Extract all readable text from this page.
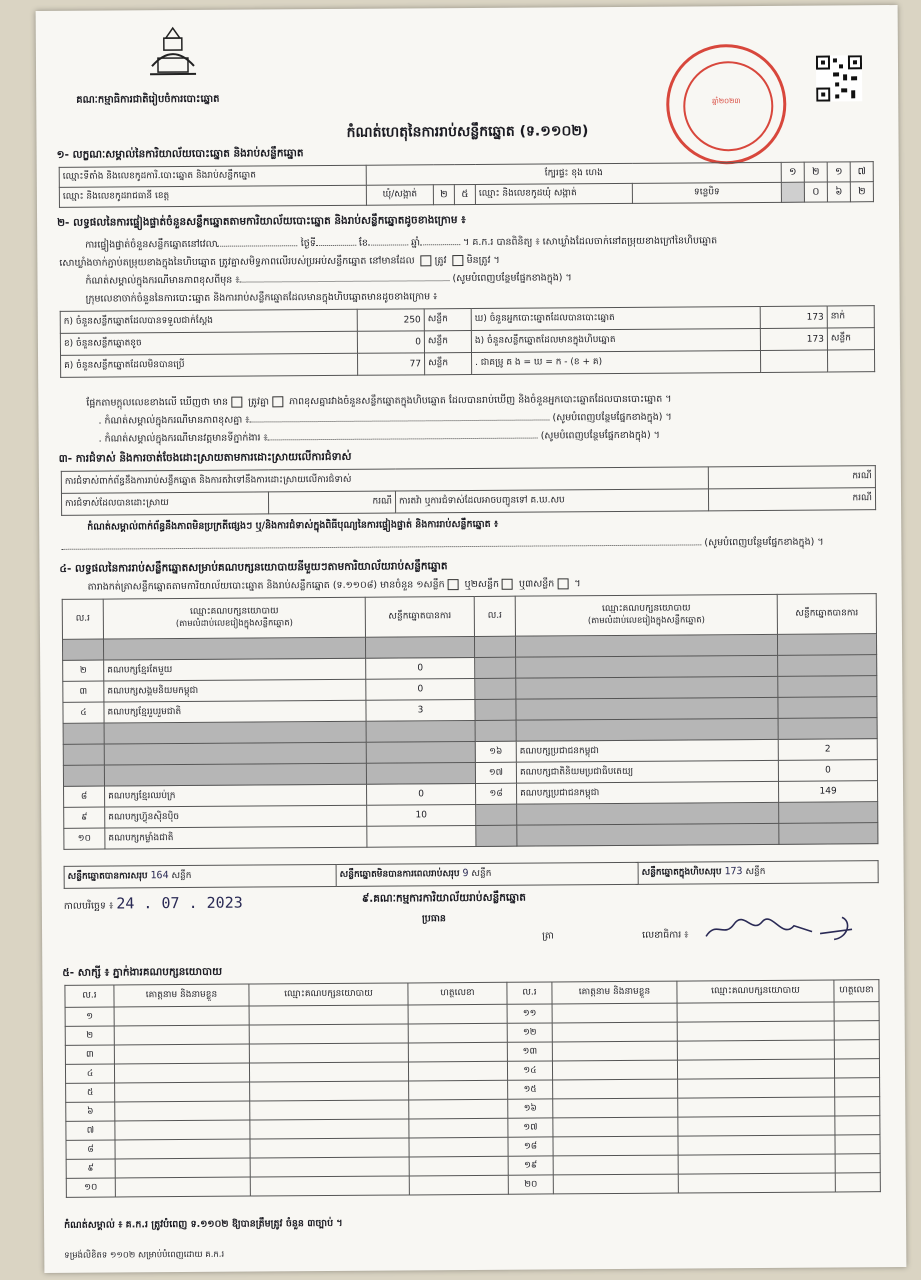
គណៈកម្មាធិការជាតិរៀបចំការបោះឆ្នោត	ឆ្នាំ២០២៣
កំណត់ហេតុនៃការរាប់សន្លឹកឆ្នោត (ទ.១១០២)
១- លក្ខណៈសម្គាល់នៃការិយាល័យបោះឆ្នោត និងរាប់សន្លឹកឆ្នោត
ឈ្មោះទីតាំង និងលេខកូដការិ.បោះឆ្នោត និងរាប់សន្លឹកឆ្នោត	ក្បែរផ្ទះ ខុង ហេង					១	២	១	៧
ឈ្មោះ និងលេខកូដរាជធានី ខេត្ត	ឃុំ/សង្កាត់	២	៥	ឈ្មោះ និងលេខកូដឃុំ សង្កាត់	ទន្លេបិទ		០	៦	២
២- លទ្ធផលនៃការផ្ទៀងផ្ទាត់ចំនួនសន្លឹកឆ្នោតតាមការិយាល័យបោះឆ្នោត និងរាប់សន្លឹកឆ្នោតដូចខាងក្រោម ៖
ការផ្ទៀងផ្ទាត់ចំនួនសន្លឹកឆ្នោតនៅវេលា	ថ្ងៃទី	ខែ	ឆ្នាំ	។ គ.ក.រ បានពិនិត្យ ៖ សោឃ្លាំងដែលចាក់នៅតម្រុយខាងក្រៅនៃហិបឆ្នោត
សោឃ្លាំងចាក់ភ្ជាប់តម្រុយខាងក្នុងនៃហិបឆ្នោត ត្រូវគ្នាសមិទ្ធភាពលើរបស់ប្រអប់សន្លឹកឆ្នោត នៅមានដែល ត្រូវ មិនត្រូវ ។
កំណត់សម្គាល់ក្នុងករណីមានភាពខុសពីមុន ៖	(សូមបំពេញបន្ថែមផ្នែកខាងក្នុង) ។
ក្រុមលេខាចាក់ចំនួននៃការបោះឆ្នោត និងការរាប់សន្លឹកឆ្នោតដែលមានក្នុងហិបឆ្នោតមានដូចខាងក្រោម ៖
ក) ចំនួនសន្លឹកឆ្នោតដែលបានទទួលជាក់ស្តែង	250	សន្លឹក	ឃ) ចំនួនអ្នកបោះឆ្នោតដែលបានបោះឆ្នោត	173	នាក់
ខ) ចំនួនសន្លឹកឆ្នោតខូច	0	សន្លឹក	ង) ចំនួនសន្លឹកឆ្នោតដែលមានក្នុងហិបឆ្នោត	173	សន្លឹក
គ) ចំនួនសន្លឹកឆ្នោតដែលមិនបានប្រើ	77	សន្លឹក	. ជាគម្រូ គ ង = ឃ = ក - (ខ + គ)		
ផ្អែកតាមក្តុលលេខខាងលើ ឃើញថា មាន ត្រូវគ្នា ភាពខុសគ្នារវាងចំនួនសន្លឹកឆ្នោតក្នុងហិបឆ្នោត ដែលបានរាប់ឃើញ និងចំនួនអ្នកបោះឆ្នោតដែលបានបោះឆ្នោត ។
. កំណត់សម្គាល់ក្នុងករណីមានភាពខុសគ្នា ៖	(សូមបំពេញបន្ថែមផ្នែកខាងក្នុង) ។
. កំណត់សម្គាល់ក្នុងករណីមានវត្តមានទីភ្នាក់ងារ ៖	(សូមបំពេញបន្ថែមផ្នែកខាងក្នុង) ។
៣- ការជំទាស់ និងការចាត់ចែងដោះស្រាយតាមការដោះស្រាយលើការជំទាស់
ការជំទាស់ពាក់ព័ន្ធនឹងការរាប់សន្លឹកឆ្នោត និងការតវ៉ាទៅនឹងការដោះស្រាយលើការជំទាស់			ករណី
ការជំទាស់ដែលបានដោះស្រាយ	ករណី	ការតវ៉ា ឬការជំទាស់ដែលអាចបញ្ជូនទៅ គ.ឃ.សប	ករណី
កំណត់សម្គាល់ពាក់ព័ន្ធនឹងភាពមិនប្រក្រតីផ្សេងៗ ឬ/និងការជំទាស់ក្នុងពិធីបុណ្យនៃការផ្ទៀងផ្ទាត់ និងការរាប់សន្លឹកឆ្នោត ៖
(សូមបំពេញបន្ថែមផ្នែកខាងក្នុង) ។
៤- លទ្ធផលនៃការរាប់សន្លឹកឆ្នោតសម្រាប់គណបក្សនយោបាយនីមួយៗតាមការិយាល័យរាប់សន្លឹកឆ្នោត
តារាងកត់ត្រាសន្លឹកឆ្នោតតាមការិយាល័យបោះឆ្នោត និងរាប់សន្លឹកឆ្នោត (ទ.១១០៨) មានចំនួន ១សន្លឹក ឬ២សន្លឹក ឬ៣សន្លឹក ។
ល.រ	ឈ្មោះគណបក្សនយោបាយ
(តាមលំដាប់លេខរៀងក្នុងសន្លឹកឆ្នោត)	សន្លឹកឆ្នោតបានការ	ល.រ	ឈ្មោះគណបក្សនយោបាយ
(តាមលំដាប់លេខរៀងក្នុងសន្លឹកឆ្នោត)	សន្លឹកឆ្នោតបានការ

២	គណបក្សខ្មែរតែមួយ	0			
៣	គណបក្សសង្គមនិយមកម្ពុជា	0			
៤	គណបក្សខ្មែររួបរួមជាតិ	3			

			១៦	គណបក្សប្រជាជនកម្ពុជា	2
			១៧	គណបក្សជាតិនិយមប្រជាធិបតេយ្យ	0
៨	គណបក្សខ្មែរឈប់ក្រ	0	១៨	គណបក្សប្រជាជនកម្ពុជា	149
៩	គណបក្សហ៊្វុនស៊ិនប៉ិច	10			
១០	គណបក្សកម្លាំងជាតិ				
សន្លឹកឆ្នោតបានការសរុប 164 សន្លឹក	សន្លឹកឆ្នោតមិនបានការពេលរាប់សរុប 9 សន្លឹក	សន្លឹកឆ្នោតក្នុងហិបសរុប 173 សន្លឹក
កាលបរិច្ឆេទ ៖ 24 . 07 . 2023	៩.គណៈកម្មការការិយាល័យរាប់សន្លឹកឆ្នោត
ប្រធាន
ត្រា	លេខាធិការ ៖
៥- សាក្សី ៖ ភ្នាក់ងារគណបក្សនយោបាយ
ល.រ	គោត្តនាម និងនាមខ្លួន	ឈ្មោះគណបក្សនយោបាយ	ហត្ថលេខា	ល.រ	គោត្តនាម និងនាមខ្លួន	ឈ្មោះគណបក្សនយោបាយ	ហត្ថលេខា
១				១១			
២				១២			
៣				១៣			
៤				១៤			
៥				១៥			
៦				១៦			
៧				១៧			
៨				១៨			
៩				១៩			
១០				២០			
កំណត់សម្គាល់ ៖ គ.ក.រ ត្រូវបំពេញ ទ.១១០២ ឱ្យបានត្រឹមត្រូវ ចំនួន ៣ច្បាប់ ។
ទម្រង់លិខិតទ ១១០២ សម្រាប់បំពេញដោយ គ.ក.រ
